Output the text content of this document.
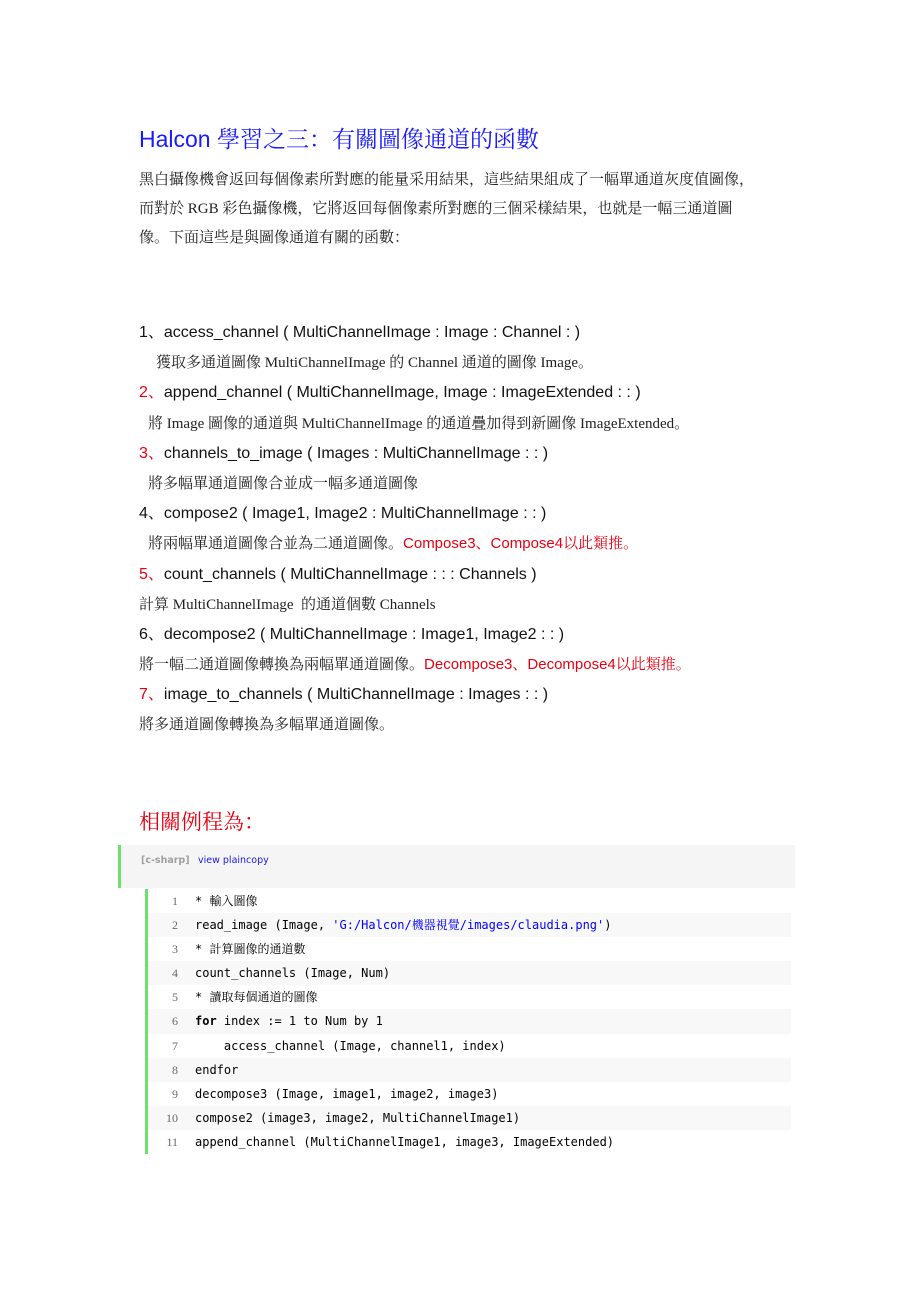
Halcon 學習之三：有關圖像通道的函數

黑白攝像機會返回每個像素所對應的能量采用結果，這些結果組成了一幅單通道灰度值圖像，

而對於 RGB 彩色攝像機，它將返回每個像素所對應的三個采樣結果，也就是一幅三通道圖

像。下面這些是與圖像通道有關的函數：

1、access_channel ( MultiChannelImage : Image : Channel : )
獲取多通道圖像 MultiChannelImage 的 Channel 通道的圖像 Image。
2、append_channel ( MultiChannelImage, Image : ImageExtended : : )
將 Image 圖像的通道與 MultiChannelImage 的通道疊加得到新圖像 ImageExtended。
3、channels_to_image ( Images : MultiChannelImage : : )
將多幅單通道圖像合並成一幅多通道圖像
4、compose2 ( Image1, Image2 : MultiChannelImage : : )
將兩幅單通道圖像合並為二通道圖像。Compose3、Compose4以此類推。
5、count_channels ( MultiChannelImage : : : Channels )
計算 MultiChannelImage  的通道個數 Channels
6、decompose2 ( MultiChannelImage : Image1, Image2 : : )
將一幅二通道圖像轉換為兩幅單通道圖像。Decompose3、Decompose4以此類推。
7、image_to_channels ( MultiChannelImage : Images : : )
將多通道圖像轉換為多幅單通道圖像。
相關例程為：
[c-sharp] view plaincopy
1 * 輸入圖像
2 read_image (Image, 'G:/Halcon/機器視覺/images/claudia.png')
3 * 計算圖像的通道數
4 count_channels (Image, Num)
5 * 讀取每個通道的圖像
6 for index := 1 to Num by 1
7 access_channel (Image, channel1, index)
8 endfor
9 decompose3 (Image, image1, image2, image3)
10 compose2 (image3, image2, MultiChannelImage1)
11 append_channel (MultiChannelImage1, image3, ImageExtended)
